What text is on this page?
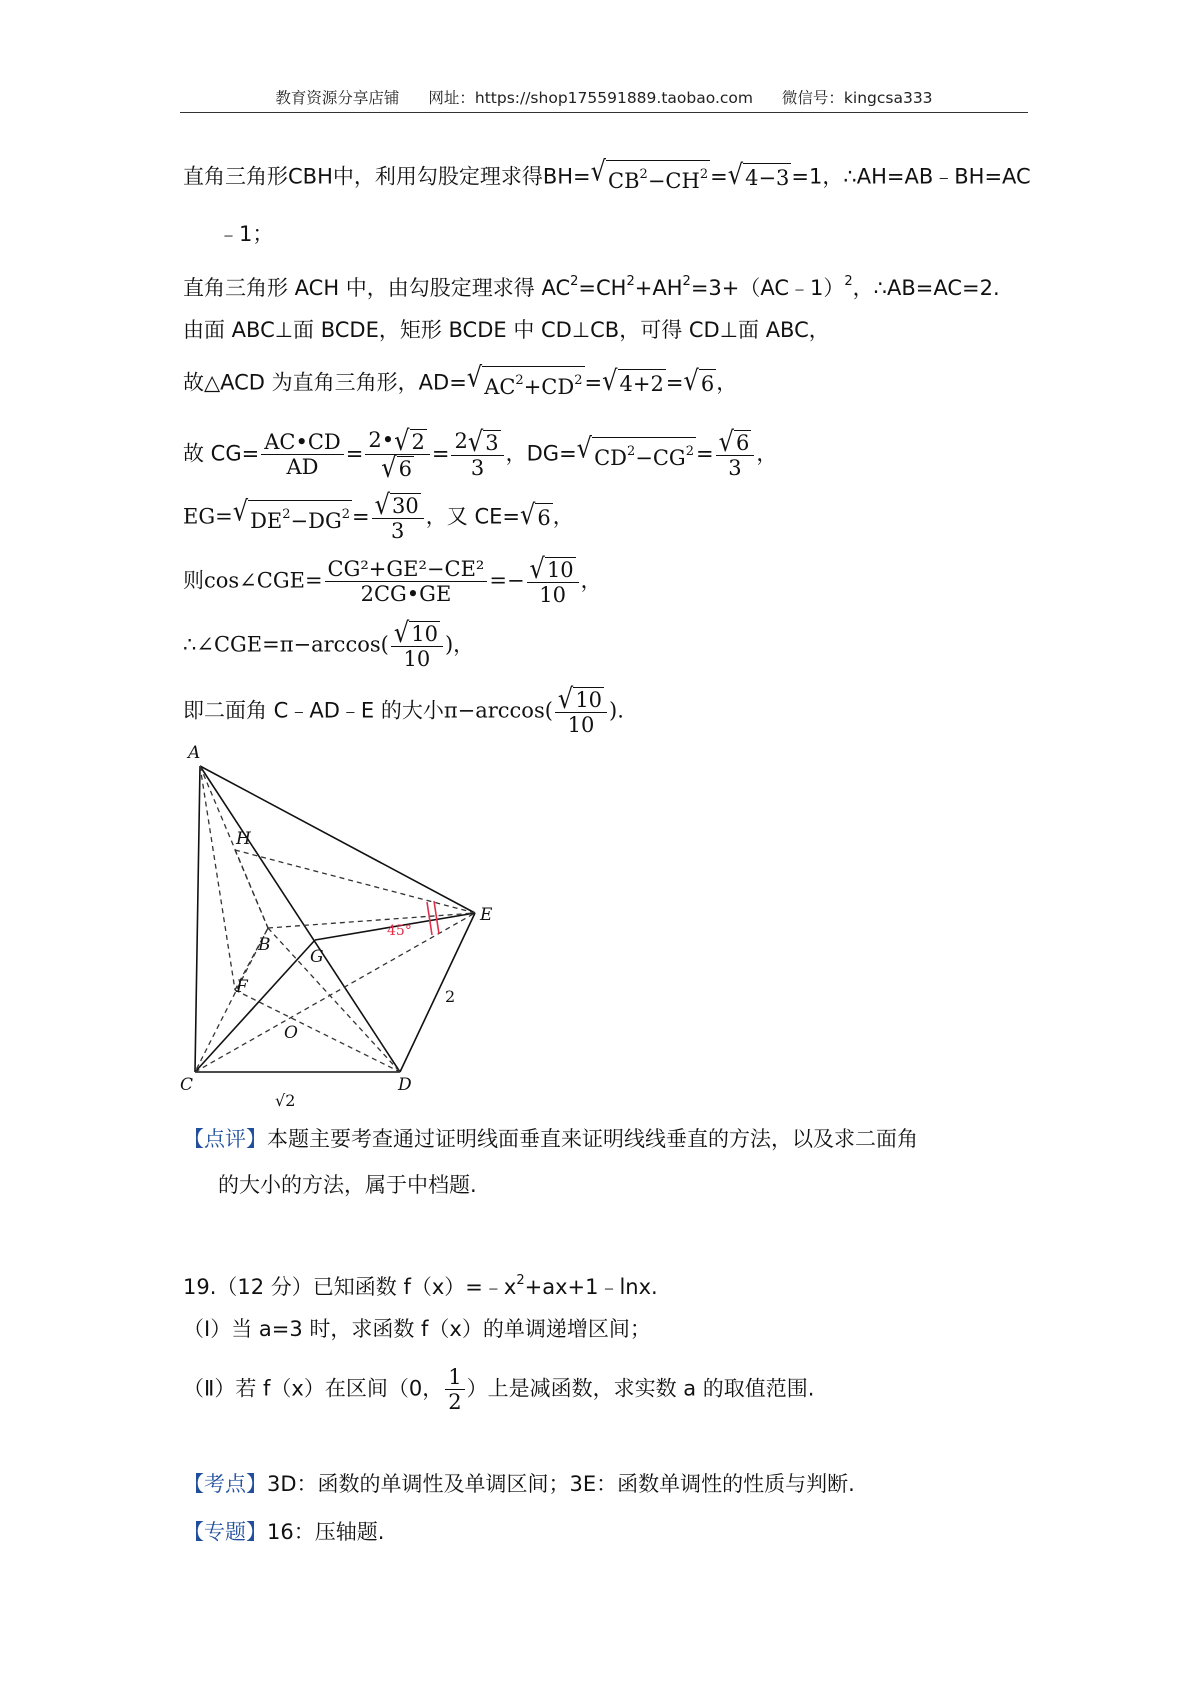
教育资源分享店铺 网址：https://shop175591889.taobao.com 微信号：kingcsa333
直角三角形CBH中，利用勾股定理求得BH= √ $CB^2-CH^2$ = √ 4−3 =1，∴AH=AB﹣BH=AC
﹣1；
直角三角形 ACH 中，由勾股定理求得 $AC^2=CH^2+AH^2=3+(AC﹣1)^2$，∴AB=AC=2.
由面 ABC⊥面 BCDE，矩形 BCDE 中 CD⊥CB，可得 CD⊥面 ABC，
故△ACD 为直角三角形，AD= √ $AC^2+CD^2$ = √ 4+2 = √ 6 ，
故 $CG= \frac{AC•CD}{AD} = \frac{2• √ 2}{√ 6} = \frac{2 √ 3}{3}$ ，DG= √ $CD^2-CG^2 = \frac{√ 6}{3}$ ，
EG= √ $DE^2-DG^2 = \frac{√ 30}{3}$ ，又 CE= √ 6 ，
则cos∠CGE= $\frac{\text{CG²+GE²−CE²}}{2CG•GE} =- \frac{√ 10}{10}$ ，
∴∠CGE=π−arccos( $\frac{√ 10}{10}$ )，
即二面角 C﹣AD﹣E 的大小$\pi-\arccos( \frac{√ 10}{10}$ ).
A
H
B
G
E
F
O
C	D
45°
2
√2
【点评】本题主要考查通过证明线面垂直来证明线线垂直的方法，以及求二面角
的大小的方法，属于中档题.
19.（12 分）已知函数 $f(x)=﹣x^2+ax+1﹣\ln x$.
（Ⅰ）当 a=3 时，求函数 f（x）的单调递增区间；
（Ⅱ）若 f（x）在区间（0， $\frac{1}{2}$ ）上是减函数，求实数 a 的取值范围.
【考点】3D：函数的单调性及单调区间；3E：函数单调性的性质与判断.
【专题】16：压轴题.
